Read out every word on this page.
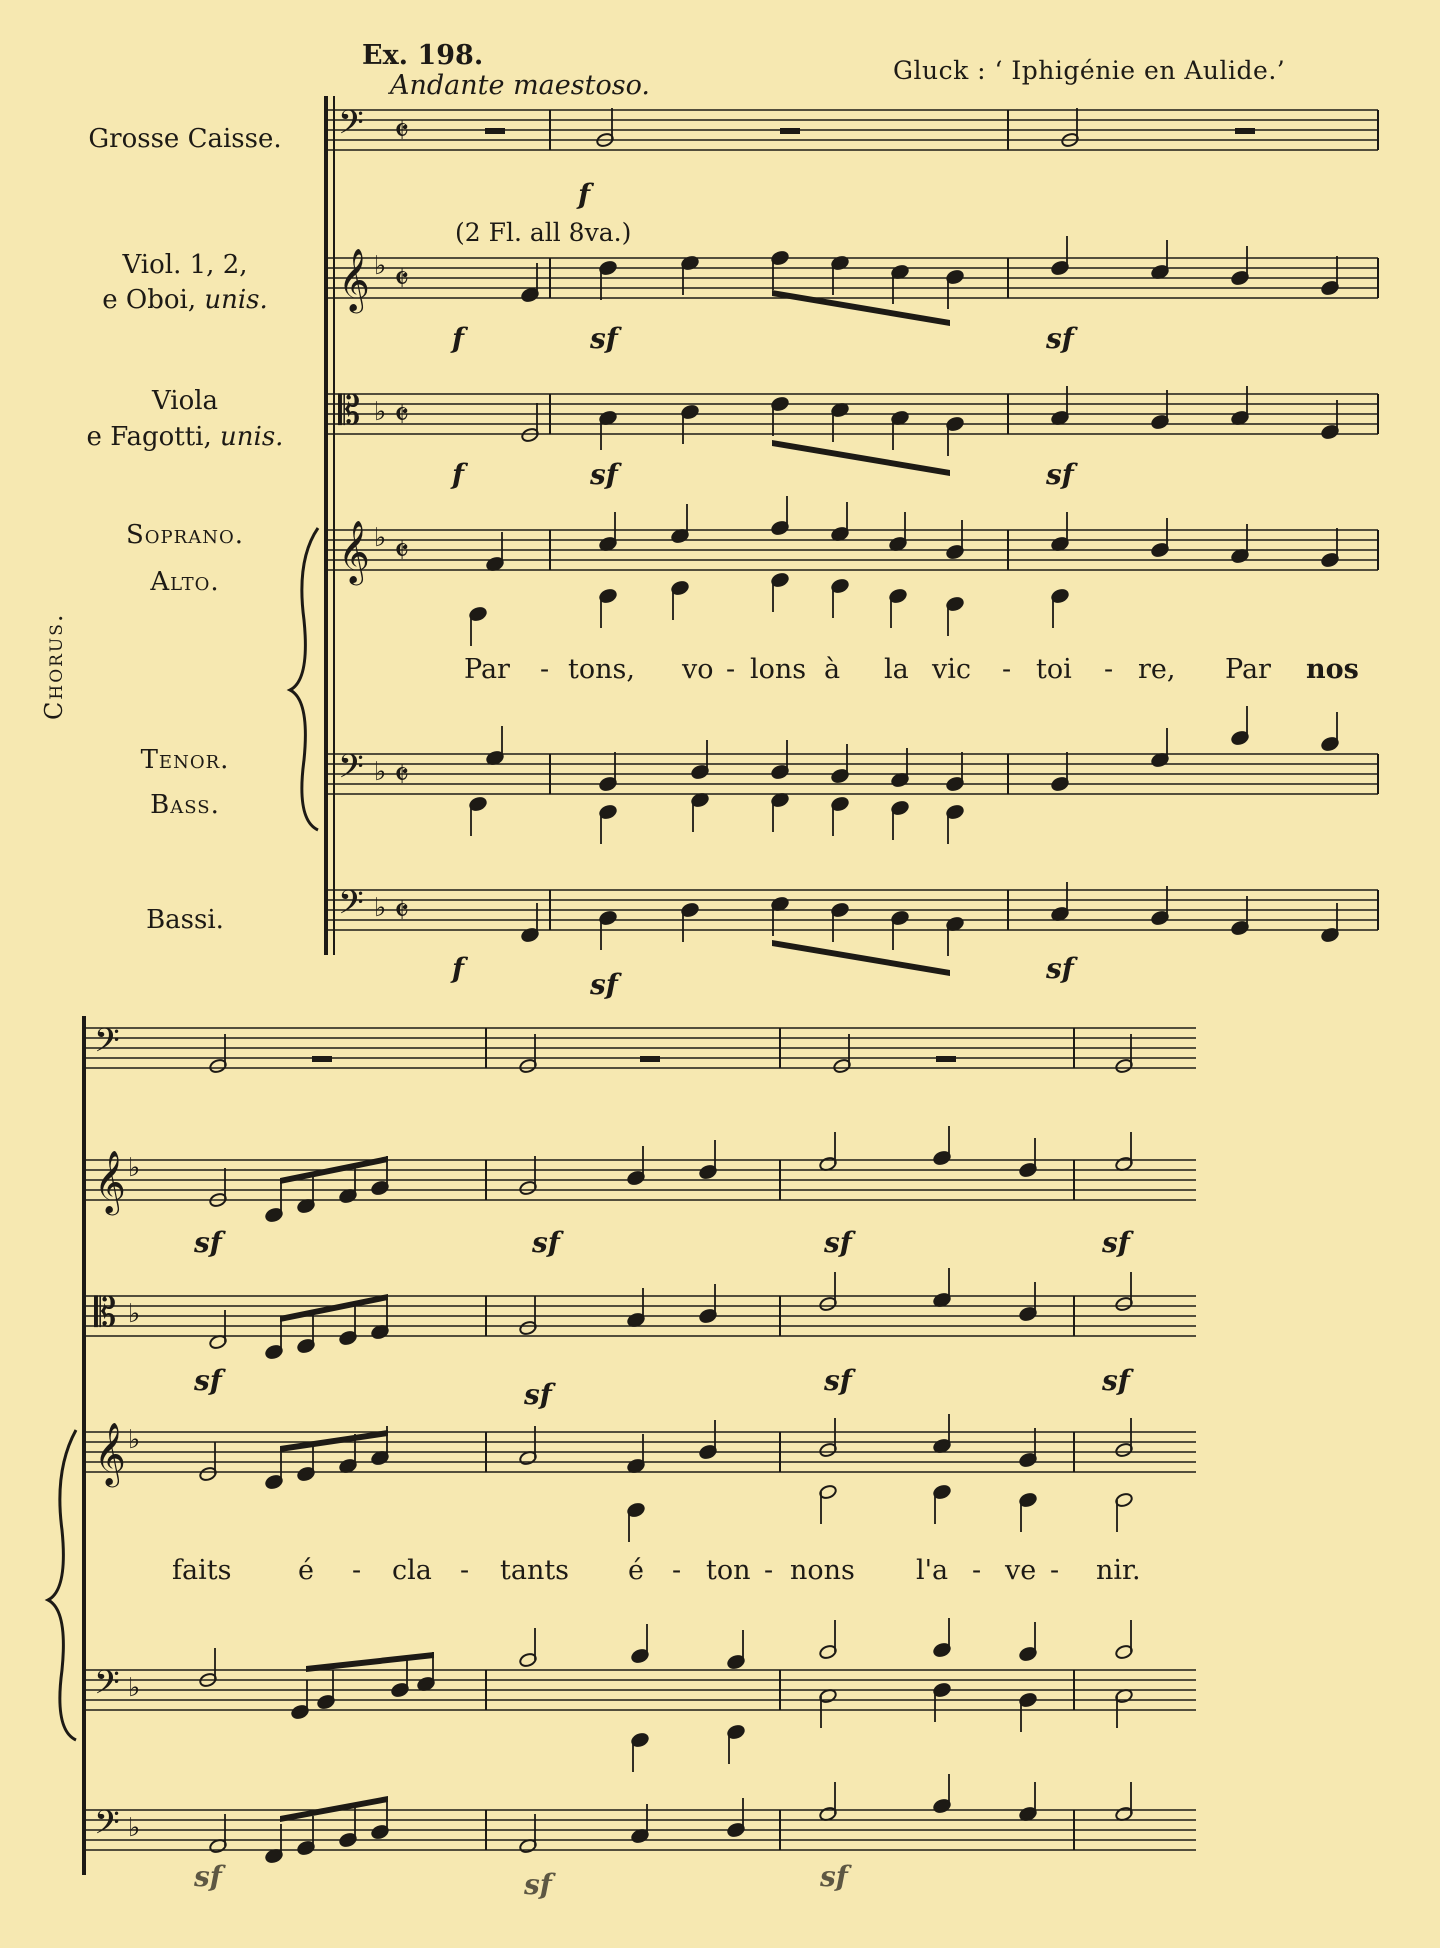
Ex. 198.
Andante maestoso.	Gluck : ‘ Iphigénie en Aulide.’
Grosse Caisse.
Viol. 1, 2,
e Oboi, unis.
Viola
e Fagotti, unis.
Soprano.
Alto.
Tenor.
Bass.
Bassi.
Chorus.
(2 Fl. all 8va.)
Par - tons, vo - lons à la vic - toi - re, Par nos
faits é - cla - tants é - ton - nons l'a - ve - nir.
f
f	sf	sf
f	sf	sf
f	sf	sf
sf	sf	sf	sf
sf	sf	sf	sf
sf	sf	sf
𝄢 𝄵
𝄞 ♭ 𝄵
𝄡 ♭ 𝄵
𝄞 ♭ 𝄵
𝄢 ♭ 𝄵
𝄢 ♭ 𝄵
𝄢
𝄞 ♭
𝄡 ♭
𝄞 ♭
𝄢 ♭
𝄢 ♭
